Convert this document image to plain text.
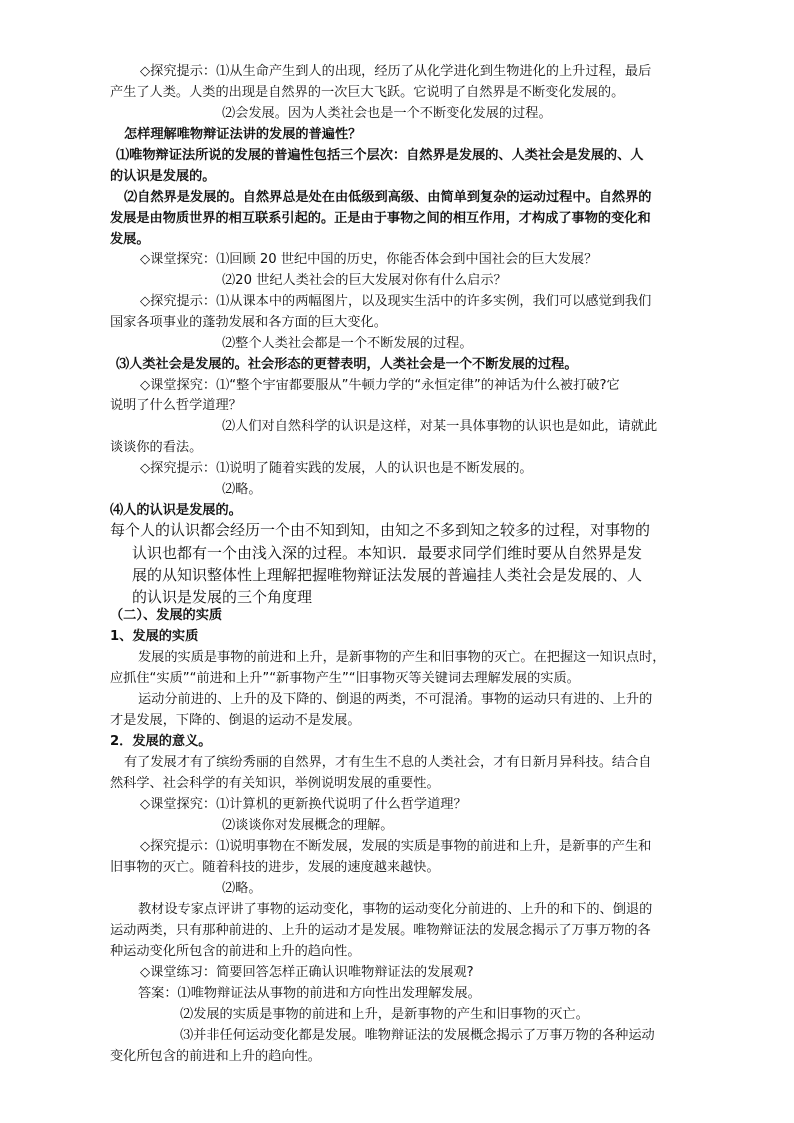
◇探究提示：⑴从生命产生到人的出现，经历了从化学进化到生物进化的上升过程，最后
产生了人类。人类的出现是自然界的一次巨大飞跃。它说明了自然界是不断变化发展的。
⑵会发展。因为人类社会也是一个不断变化发展的过程。
怎样理解唯物辩证法讲的发展的普遍性？
⑴唯物辩证法所说的发展的普遍性包括三个层次：自然界是发展的、人类社会是发展的、人
的认识是发展的。
⑵自然界是发展的。自然界总是处在由低级到高级、由简单到复杂的运动过程中。自然界的
发展是由物质世界的相互联系引起的。正是由于事物之间的相互作用，才构成了事物的变化和
发展。
◇课堂探究：⑴回顾 20 世纪中国的历史，你能否体会到中国社会的巨大发展？
⑵20 世纪人类社会的巨大发展对你有什么启示？
◇探究提示：⑴从课本中的两幅图片，以及现实生活中的许多实例，我们可以感觉到我们
国家各项事业的蓬勃发展和各方面的巨大变化。
⑵整个人类社会都是一个不断发展的过程。
⑶人类社会是发展的。社会形态的更替表明，人类社会是一个不断发展的过程。
◇课堂探究：⑴“整个宇宙都要服从”牛顿力学的“永恒定律”的神话为什么被打破?它
说明了什么哲学道理？
⑵人们对自然科学的认识是这样，对某一具体事物的认识也是如此，请就此
谈谈你的看法。
◇探究提示：⑴说明了随着实践的发展，人的认识也是不断发展的。
⑵略。
⑷人的认识是发展的。
每个人的认识都会经历一个由不知到知，由知之不多到知之较多的过程，对事物的
认识也都有一个由浅入深的过程。本知识．最要求同学们维时要从自然界是发
展的从知识整体性上理解把握唯物辩证法发展的普遍挂人类社会是发展的、人
的认识是发展的三个角度理
（二）、发展的实质
1、发展的实质
发展的实质是事物的前进和上升，是新事物的产生和旧事物的灭亡。在把握这一知识点时，
应抓住“实质”“前进和上升”“新事物产生”“旧事物灭等关键词去理解发展的实质。
运动分前进的、上升的及下降的、倒退的两类，不可混淆。事物的运动只有进的、上升的
才是发展，下降的、倒退的运动不是发展。
2．发展的意义。
有了发展才有了缤纷秀丽的自然界，才有生生不息的人类社会，才有日新月异科技。结合自
然科学、社会科学的有关知识，举例说明发展的重要性。
◇课堂探究：⑴计算机的更新换代说明了什么哲学道理？
⑵谈谈你对发展概念的理解。
◇探究提示：⑴说明事物在不断发展，发展的实质是事物的前进和上升，是新事的产生和
旧事物的灭亡。随着科技的进步，发展的速度越来越快。
⑵略。
教材设专家点评讲了事物的运动变化，事物的运动变化分前进的、上升的和下的、倒退的
运动两类，只有那种前进的、上升的运动才是发展。唯物辩证法的发展念揭示了万事万物的各
种运动变化所包含的前进和上升的趋向性。
◇课堂练习：简要回答怎样正确认识唯物辩证法的发展观?
答案：⑴唯物辩证法从事物的前进和方向性出发理解发展。
⑵发展的实质是事物的前进和上升，是新事物的产生和旧事物的灭亡。
⑶并非任何运动变化都是发展。唯物辩证法的发展概念揭示了万事万物的各种运动
变化所包含的前进和上升的趋向性。
